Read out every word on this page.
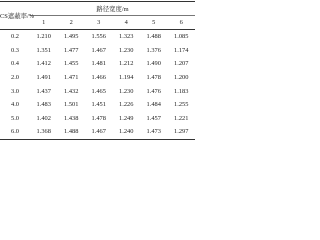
CS遮蔽率/%	路径宽度/m					
	1	2	3	4	5	6
0.2	1.210	1.495	1.556	1.323	1.488	1.085
0.3	1.351	1.477	1.467	1.230	1.376	1.174
0.4	1.412	1.455	1.481	1.212	1.490	1.207
2.0	1.491	1.471	1.466	1.194	1.478	1.200
3.0	1.437	1.432	1.465	1.230	1.476	1.183
4.0	1.483	1.501	1.451	1.226	1.484	1.255
5.0	1.402	1.438	1.478	1.249	1.457	1.221
6.0	1.368	1.488	1.467	1.240	1.473	1.297
